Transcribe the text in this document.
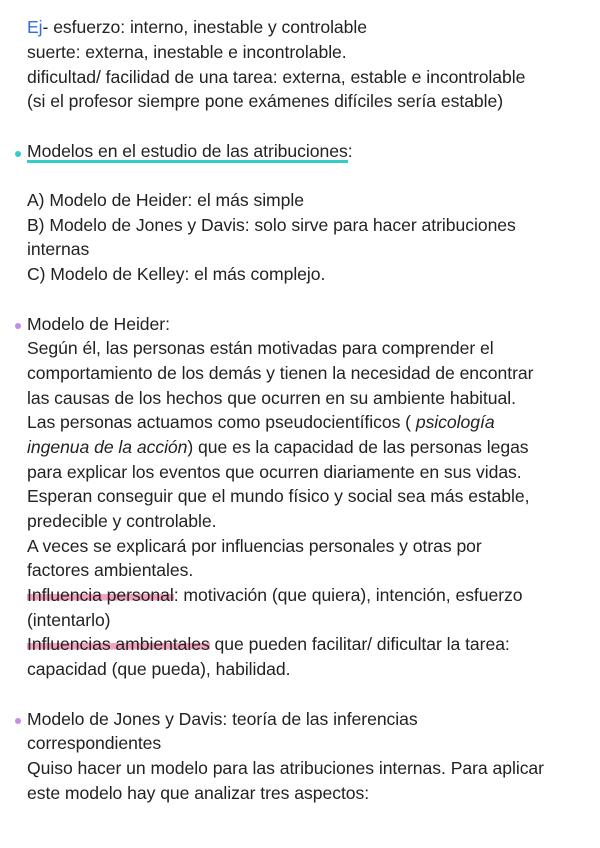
Ej- esfuerzo: interno, inestable y controlable
suerte: externa, inestable e incontrolable.
dificultad/ facilidad de una tarea: externa, estable e incontrolable
(si el profesor siempre pone exámenes difíciles sería estable)
Modelos en el estudio de las atribuciones:
A) Modelo de Heider: el más simple
B) Modelo de Jones y Davis: solo sirve para hacer atribuciones
internas
C) Modelo de Kelley: el más complejo.
Modelo de Heider:
Según él, las personas están motivadas para comprender el
comportamiento de los demás y tienen la necesidad de encontrar
las causas de los hechos que ocurren en su ambiente habitual.
Las personas actuamos como pseudocientíficos ( psicología
ingenua de la acción) que es la capacidad de las personas legas
para explicar los eventos que ocurren diariamente en sus vidas.
Esperan conseguir que el mundo físico y social sea más estable,
predecible y controlable.
A veces se explicará por influencias personales y otras por
factores ambientales.
Influencia personal: motivación (que quiera), intención, esfuerzo
(intentarlo)
Influencias ambientales que pueden facilitar/ dificultar la tarea:
capacidad (que pueda), habilidad.
Modelo de Jones y Davis: teoría de las inferencias
correspondientes
Quiso hacer un modelo para las atribuciones internas. Para aplicar
este modelo hay que analizar tres aspectos:
